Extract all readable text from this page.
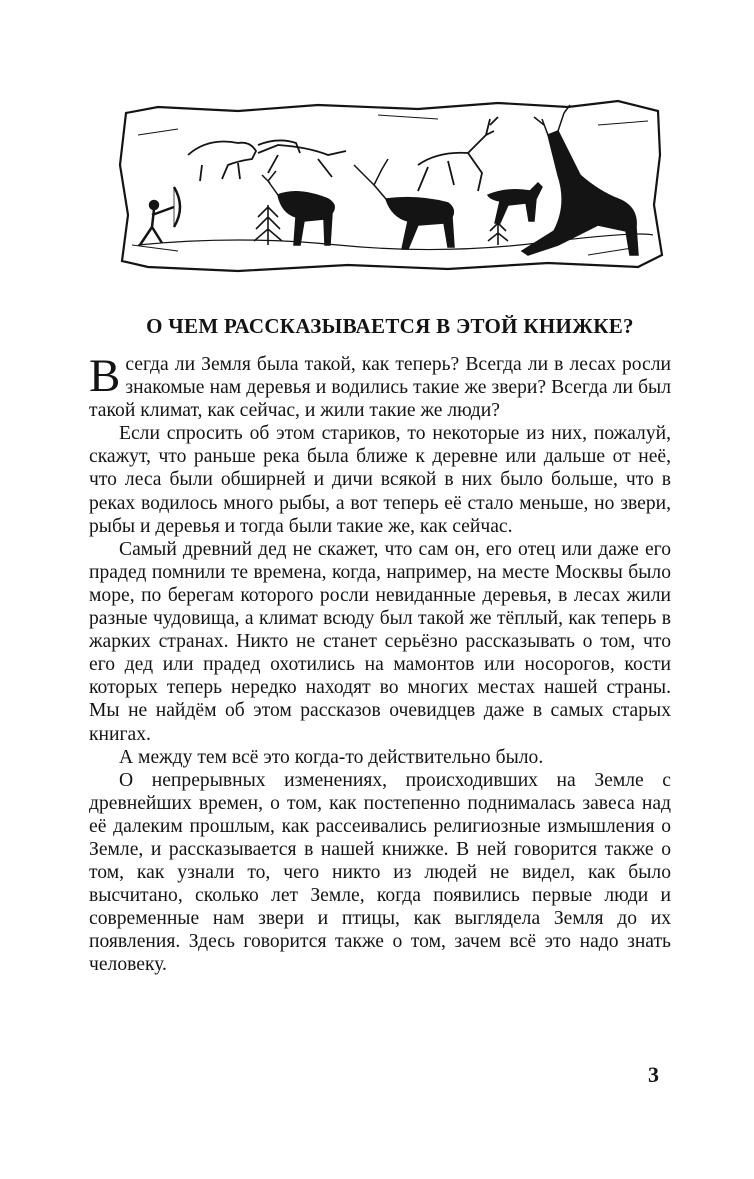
О ЧЕМ РАССКАЗЫВАЕТСЯ В ЭТОЙ КНИЖКЕ?

Всегда ли Земля была такой, как теперь? Всегда ли в лесах росли знакомые нам деревья и водились такие же звери? Всегда ли был такой климат, как сейчас, и жили такие же люди?

Если спросить об этом стариков, то некоторые из них, пожалуй, скажут, что раньше река была ближе к деревне или дальше от неё, что леса были обширней и дичи всякой в них было больше, что в реках водилось много рыбы, а вот теперь её стало меньше, но звери, рыбы и деревья и тогда были такие же, как сейчас.

Самый древний дед не скажет, что сам он, его отец или даже его прадед помнили те времена, когда, например, на месте Москвы было море, по берегам которого росли невиданные деревья, в лесах жили разные чудовища, а климат всюду был такой же тёплый, как теперь в жарких странах. Никто не станет серьёзно рассказывать о том, что его дед или прадед охотились на мамонтов или носорогов, кости которых теперь нередко находят во многих местах нашей страны. Мы не найдём об этом рассказов очевидцев даже в самых старых книгах.

А между тем всё это когда-то действительно было.

О непрерывных изменениях, происходивших на Земле с древнейших времен, о том, как постепенно поднималась завеса над её далеким прошлым, как рассеивались религиозные измышления о Земле, и рассказывается в нашей книжке. В ней говорится также о том, как узнали то, чего никто из людей не видел, как было высчитано, сколько лет Земле, когда появились первые люди и современные нам звери и птицы, как выглядела Земля до их появления. Здесь говорится также о том, зачем всё это надо знать человеку.

3
